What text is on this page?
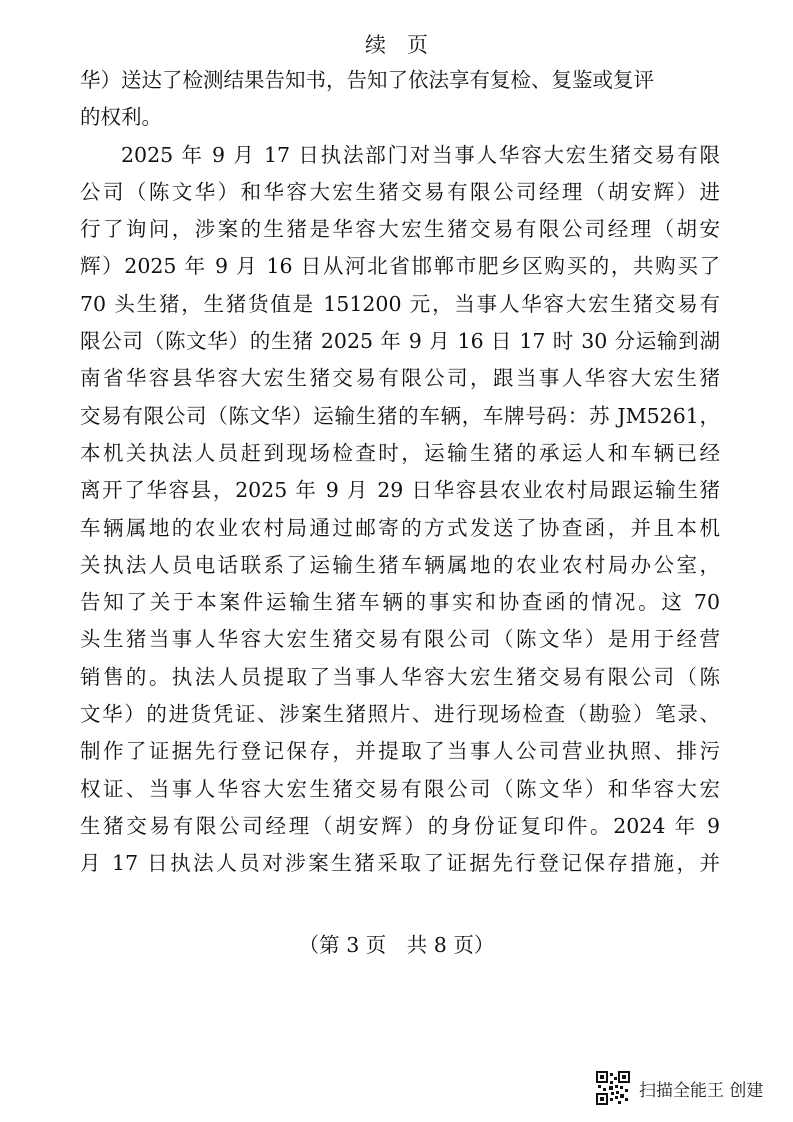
续　页
华）送达了检测结果告知书，告知了依法享有复检、复鉴或复评
的权利。
2025 年 9 月 17 日执法部门对当事人华容大宏生猪交易有限
公司（陈文华）和华容大宏生猪交易有限公司经理（胡安辉）进
行了询问，涉案的生猪是华容大宏生猪交易有限公司经理（胡安
辉）2025 年 9 月 16 日从河北省邯郸市肥乡区购买的，共购买了
70 头生猪，生猪货值是 151200 元，当事人华容大宏生猪交易有
限公司（陈文华）的生猪 2025 年 9 月 16 日 17 时 30 分运输到湖
南省华容县华容大宏生猪交易有限公司，跟当事人华容大宏生猪
交易有限公司（陈文华）运输生猪的车辆，车牌号码：苏 JM5261，
本机关执法人员赶到现场检查时，运输生猪的承运人和车辆已经
离开了华容县，2025 年 9 月 29 日华容县农业农村局跟运输生猪
车辆属地的农业农村局通过邮寄的方式发送了协查函，并且本机
关执法人员电话联系了运输生猪车辆属地的农业农村局办公室，
告知了关于本案件运输生猪车辆的事实和协查函的情况。这 70
头生猪当事人华容大宏生猪交易有限公司（陈文华）是用于经营
销售的。执法人员提取了当事人华容大宏生猪交易有限公司（陈
文华）的进货凭证、涉案生猪照片、进行现场检查（勘验）笔录、
制作了证据先行登记保存，并提取了当事人公司营业执照、排污
权证、当事人华容大宏生猪交易有限公司（陈文华）和华容大宏
生猪交易有限公司经理（胡安辉）的身份证复印件。2024 年 9
月 17 日执法人员对涉案生猪采取了证据先行登记保存措施，并
（第 3 页　共 8 页）
扫描全能王 创建
